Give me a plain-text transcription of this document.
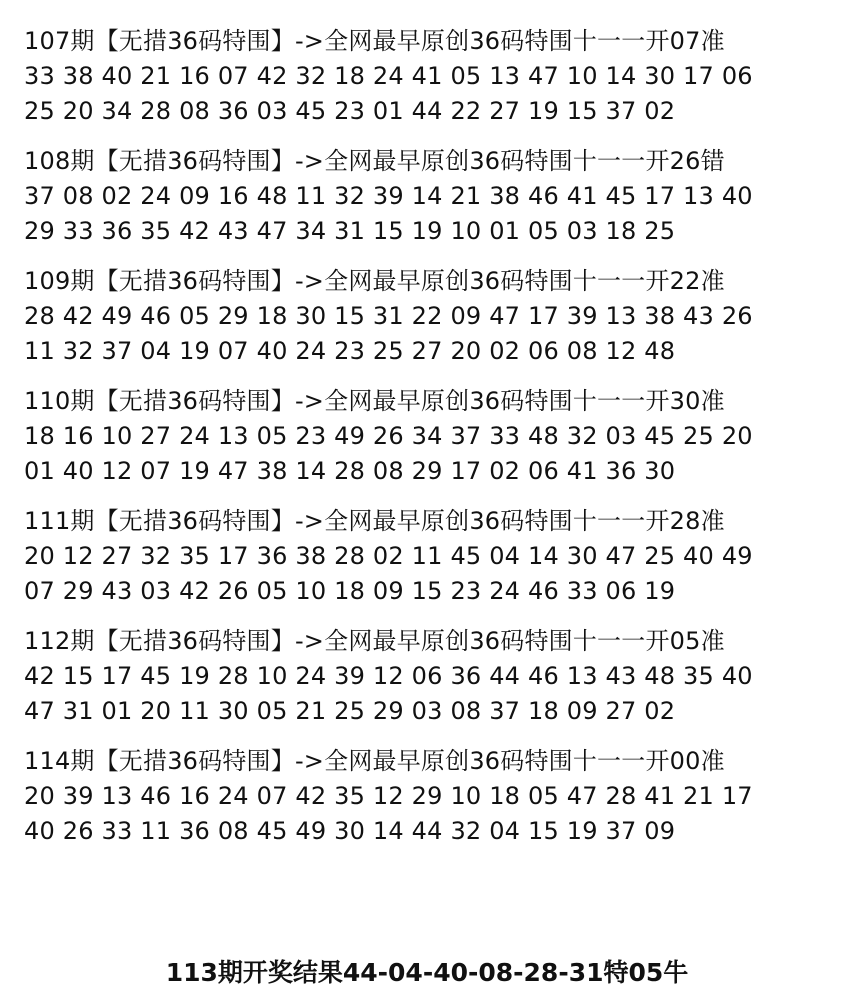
107期【无措36码特围】->全网最早原创36码特围十一一开07准
33 38 40 21 16 07 42 32 18 24 41 05 13 47 10 14 30 17 06
25 20 34 28 08 36 03 45 23 01 44 22 27 19 15 37 02
108期【无措36码特围】->全网最早原创36码特围十一一开26错
37 08 02 24 09 16 48 11 32 39 14 21 38 46 41 45 17 13 40
29 33 36 35 42 43 47 34 31 15 19 10 01 05 03 18 25
109期【无措36码特围】->全网最早原创36码特围十一一开22准
28 42 49 46 05 29 18 30 15 31 22 09 47 17 39 13 38 43 26
11 32 37 04 19 07 40 24 23 25 27 20 02 06 08 12 48
110期【无措36码特围】->全网最早原创36码特围十一一开30准
18 16 10 27 24 13 05 23 49 26 34 37 33 48 32 03 45 25 20
01 40 12 07 19 47 38 14 28 08 29 17 02 06 41 36 30
111期【无措36码特围】->全网最早原创36码特围十一一开28准
20 12 27 32 35 17 36 38 28 02 11 45 04 14 30 47 25 40 49
07 29 43 03 42 26 05 10 18 09 15 23 24 46 33 06 19
112期【无措36码特围】->全网最早原创36码特围十一一开05准
42 15 17 45 19 28 10 24 39 12 06 36 44 46 13 43 48 35 40
47 31 01 20 11 30 05 21 25 29 03 08 37 18 09 27 02
114期【无措36码特围】->全网最早原创36码特围十一一开00准
20 39 13 46 16 24 07 42 35 12 29 10 18 05 47 28 41 21 17
40 26 33 11 36 08 45 49 30 14 44 32 04 15 19 37 09
113期开奖结果44-04-40-08-28-31特05牛
